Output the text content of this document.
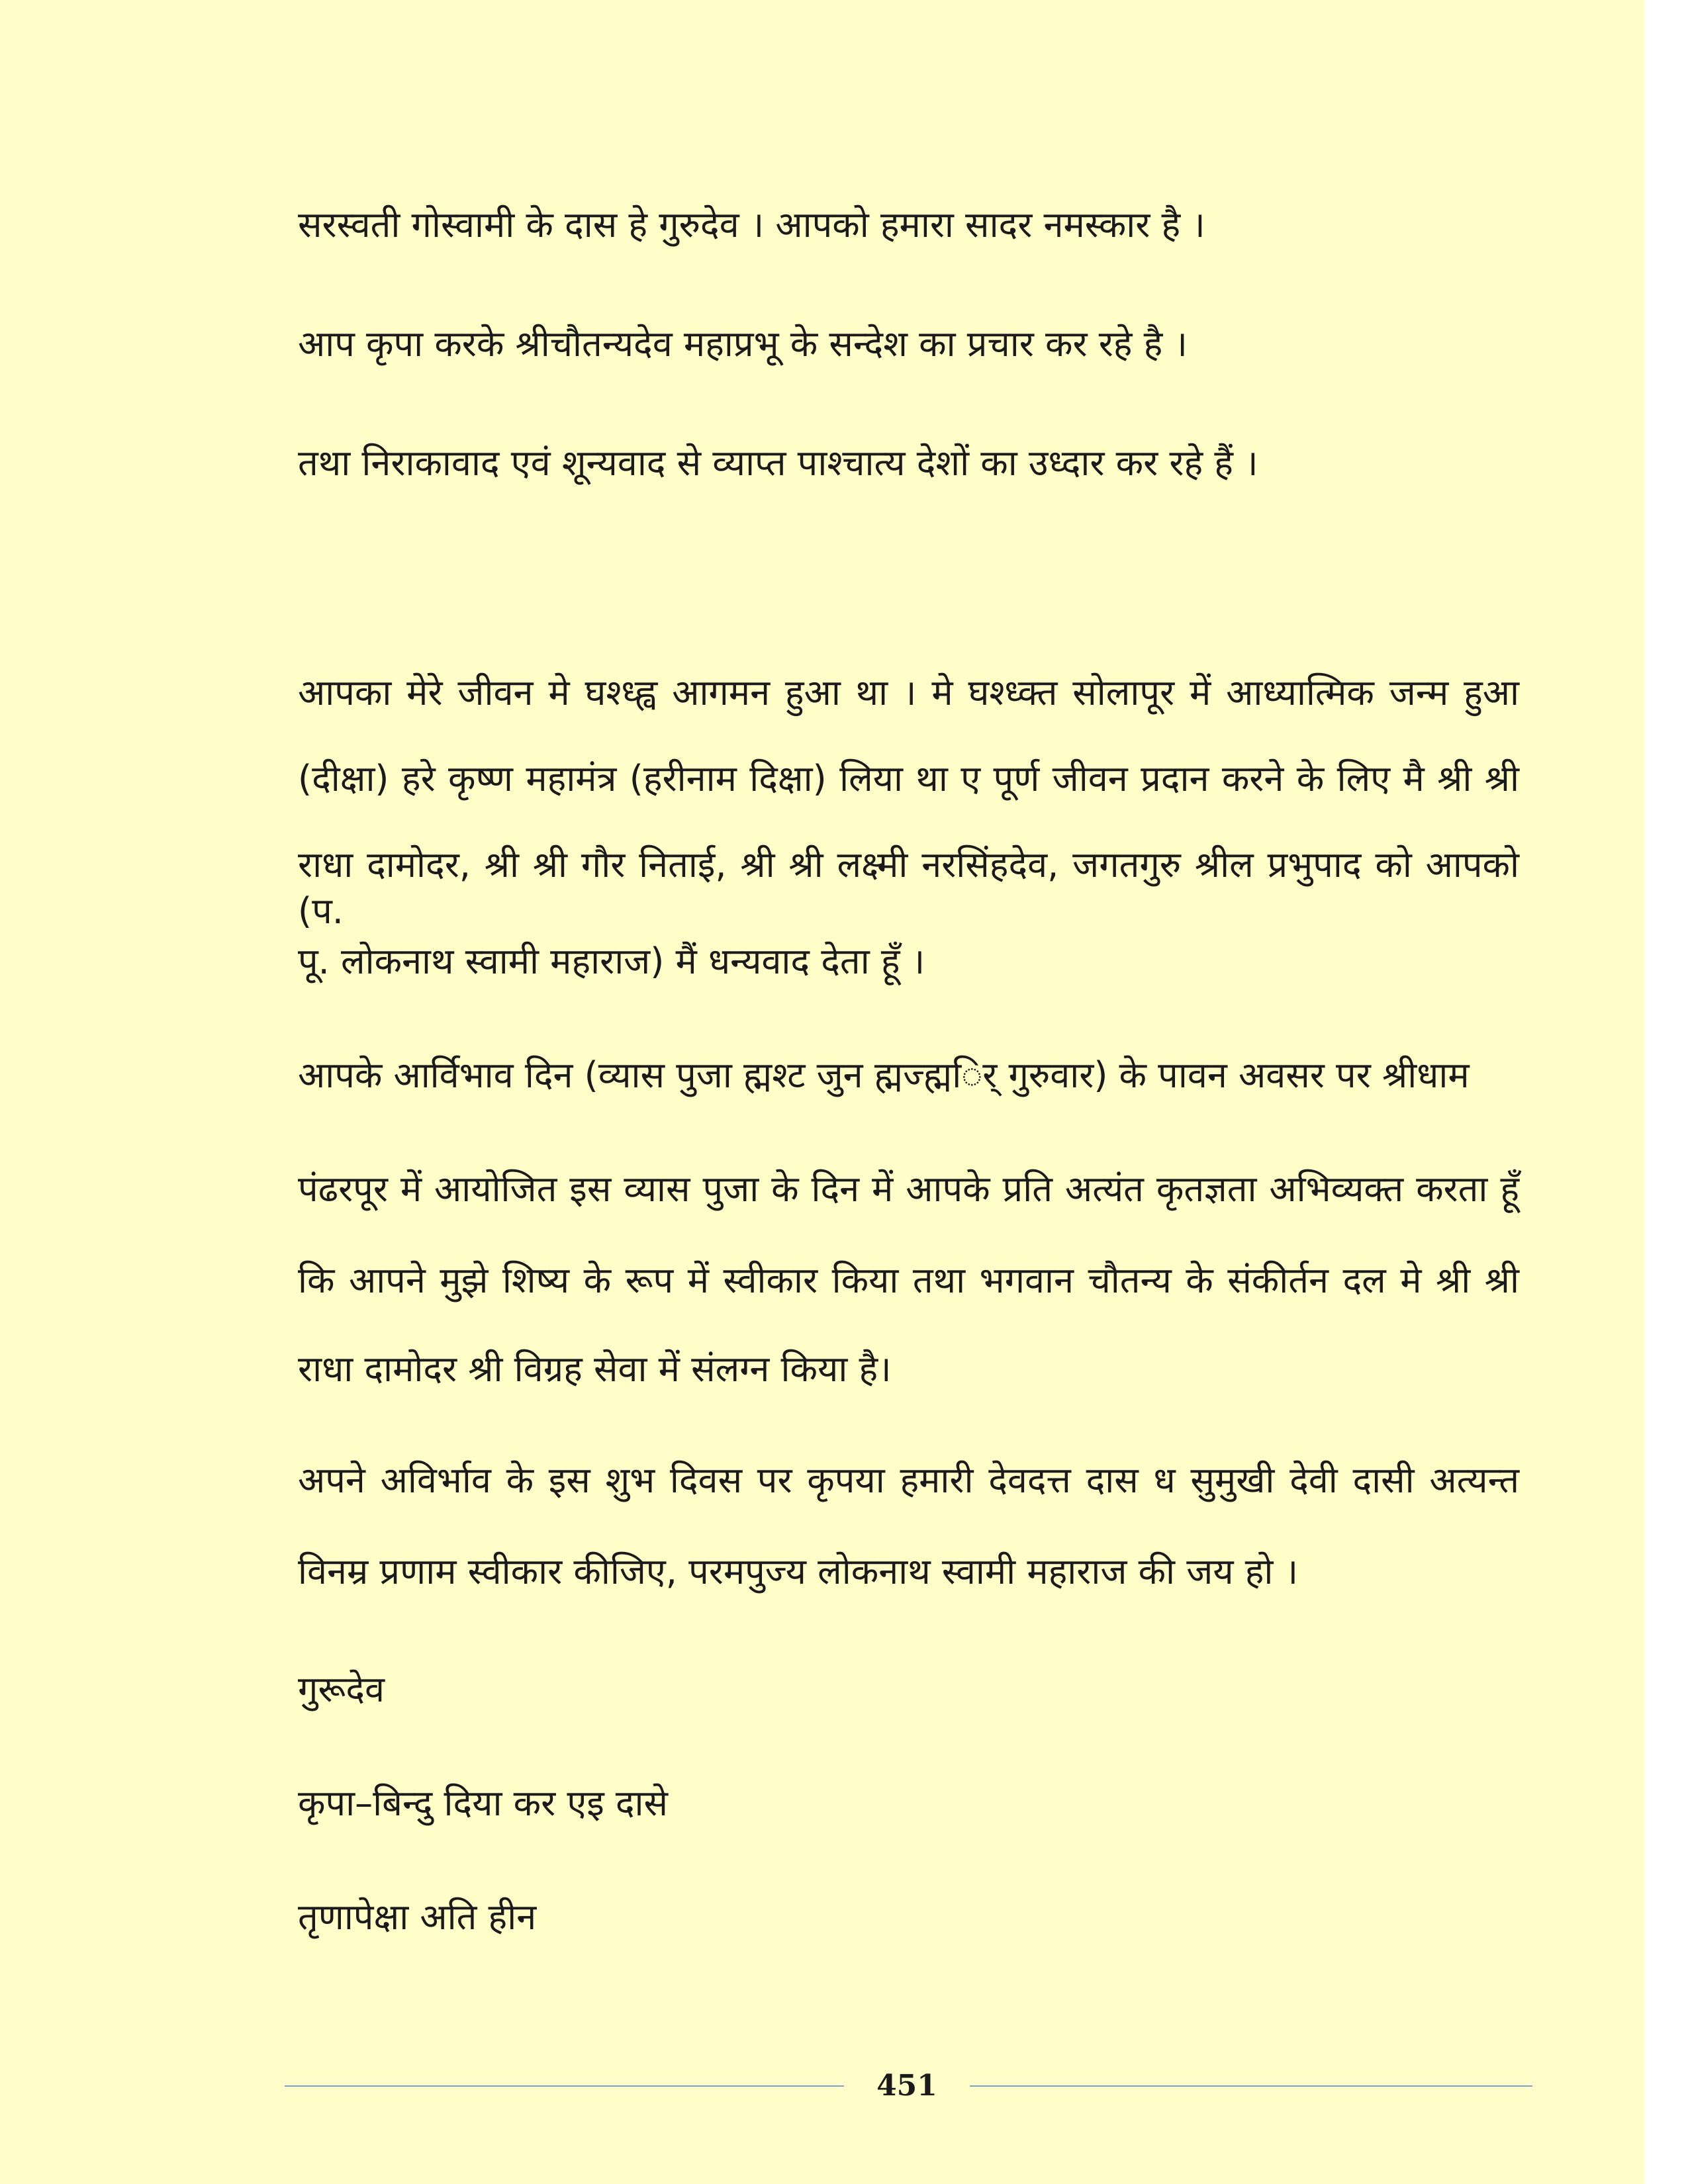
सरस्वती गोस्वामी के दास हे गुरुदेव । आपको हमारा सादर नमस्कार है ।
आप कृपा करके श्रीचौतन्यदेव महाप्रभू के सन्देश का प्रचार कर रहे है ।
तथा निराकावाद एवं शून्यवाद से व्याप्त पाश्चात्य देशों का उध्दार कर रहे हैं ।
आपका मेरे जीवन मे घश्ध्ह्व आगमन हुआ था । मे घश्ध्क्त सोलापूर में आध्यात्मिक जन्म हुआ
(दीक्षा) हरे कृष्ण महामंत्र (हरीनाम दिक्षा) लिया था ए पूर्ण जीवन प्रदान करने के लिए मै श्री श्री
राधा दामोदर, श्री श्री गौर निताई, श्री श्री लक्ष्मी नरसिंहदेव, जगतगुरु श्रील प्रभुपाद को आपको (प.
पू. लोकनाथ स्वामी महाराज) मैं धन्यवाद देता हूँ ।
आपके आर्विभाव दिन (व्यास पुजा ह्मश्ट जुन ह्मज्ह्मर्ि गुरुवार) के पावन अवसर पर श्रीधाम
पंढरपूर में आयोजित इस व्यास पुजा के दिन में आपके प्रति अत्यंत कृतज्ञता अभिव्यक्त करता हूँ
कि आपने मुझे शिष्य के रूप में स्वीकार किया तथा भगवान चौतन्य के संकीर्तन दल मे श्री श्री
राधा दामोदर श्री विग्रह सेवा में संलग्न किया है।
अपने अविर्भाव के इस शुभ दिवस पर कृपया हमारी देवदत्त दास ध सुमुखी देवी दासी अत्यन्त
विनम्र प्रणाम स्वीकार कीजिए, परमपुज्य लोकनाथ स्वामी महाराज की जय हो ।
गुरूदेव
कृपा–बिन्दु दिया कर एइ दासे
तृणापेक्षा अति हीन
451
